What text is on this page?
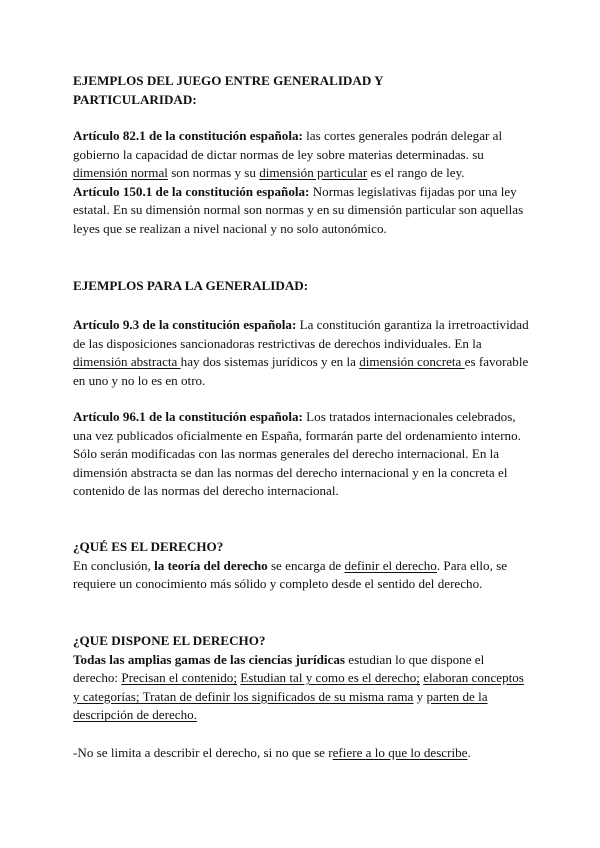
EJEMPLOS DEL JUEGO ENTRE GENERALIDAD Y

PARTICULARIDAD:

Artículo 82.1 de la constitución española: las cortes generales podrán delegar al gobierno la capacidad de dictar normas de ley sobre materias determinadas. su dimensión normal son normas y su dimensión particular es el rango de ley.

Artículo 150.1 de la constitución española: Normas legislativas fijadas por una ley estatal. En su dimensión normal son normas y en su dimensión particular son aquellas leyes que se realizan a nivel nacional y no solo autonómico.

EJEMPLOS PARA LA GENERALIDAD:

Artículo 9.3 de la constitución española: La constitución garantiza la irretroactividad de las disposiciones sancionadoras restrictivas de derechos individuales. En la dimensión abstracta hay dos sistemas jurídicos y en la dimensión concreta es favorable en uno y no lo es en otro.

Artículo 96.1 de la constitución española: Los tratados internacionales celebrados, una vez publicados oficialmente en España, formarán parte del ordenamiento interno. Sólo serán modificadas con las normas generales del derecho internacional. En la dimensión abstracta se dan las normas del derecho internacional y en la concreta el contenido de las normas del derecho internacional.

¿QUÉ ES EL DERECHO?

En conclusión, la teoría del derecho se encarga de definir el derecho. Para ello, se requiere un conocimiento más sólido y completo desde el sentido del derecho.

¿QUE DISPONE EL DERECHO?

Todas las amplias gamas de las ciencias jurídicas estudian lo que dispone el derecho: Precisan el contenido; Estudian tal y como es el derecho; elaboran conceptos y categorías; Tratan de definir los significados de su misma rama y parten de la descripción de derecho.

-No se limita a describir el derecho, si no que se refiere a lo que lo describe.
